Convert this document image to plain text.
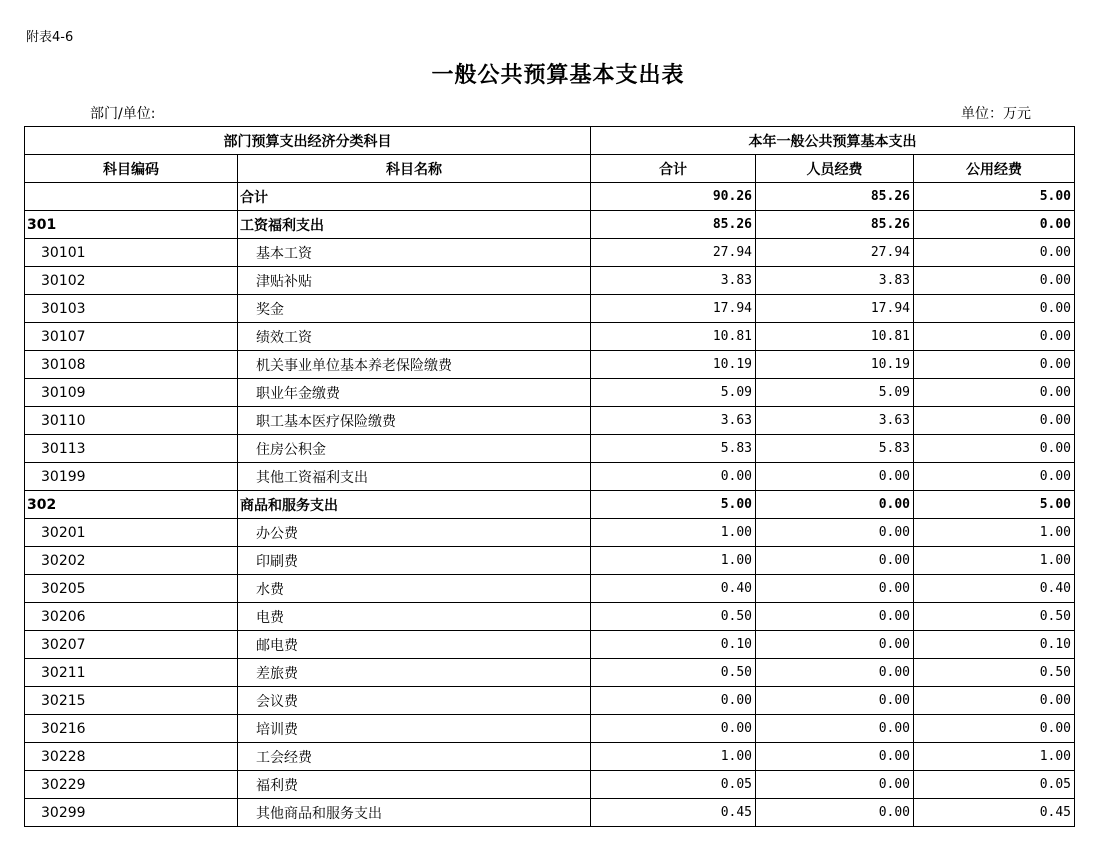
附表4-6
一般公共预算基本支出表
部门/单位:	单位：万元
部门预算支出经济分类科目		本年一般公共预算基本支出		
科目编码	科目名称	合计	人员经费	公用经费
	合计	90.26	85.26	5.00
301	工资福利支出	85.26	85.26	0.00
30101	基本工资	27.94	27.94	0.00
30102	津贴补贴	3.83	3.83	0.00
30103	奖金	17.94	17.94	0.00
30107	绩效工资	10.81	10.81	0.00
30108	机关事业单位基本养老保险缴费	10.19	10.19	0.00
30109	职业年金缴费	5.09	5.09	0.00
30110	职工基本医疗保险缴费	3.63	3.63	0.00
30113	住房公积金	5.83	5.83	0.00
30199	其他工资福利支出	0.00	0.00	0.00
302	商品和服务支出	5.00	0.00	5.00
30201	办公费	1.00	0.00	1.00
30202	印刷费	1.00	0.00	1.00
30205	水费	0.40	0.00	0.40
30206	电费	0.50	0.00	0.50
30207	邮电费	0.10	0.00	0.10
30211	差旅费	0.50	0.00	0.50
30215	会议费	0.00	0.00	0.00
30216	培训费	0.00	0.00	0.00
30228	工会经费	1.00	0.00	1.00
30229	福利费	0.05	0.00	0.05
30299	其他商品和服务支出	0.45	0.00	0.45
